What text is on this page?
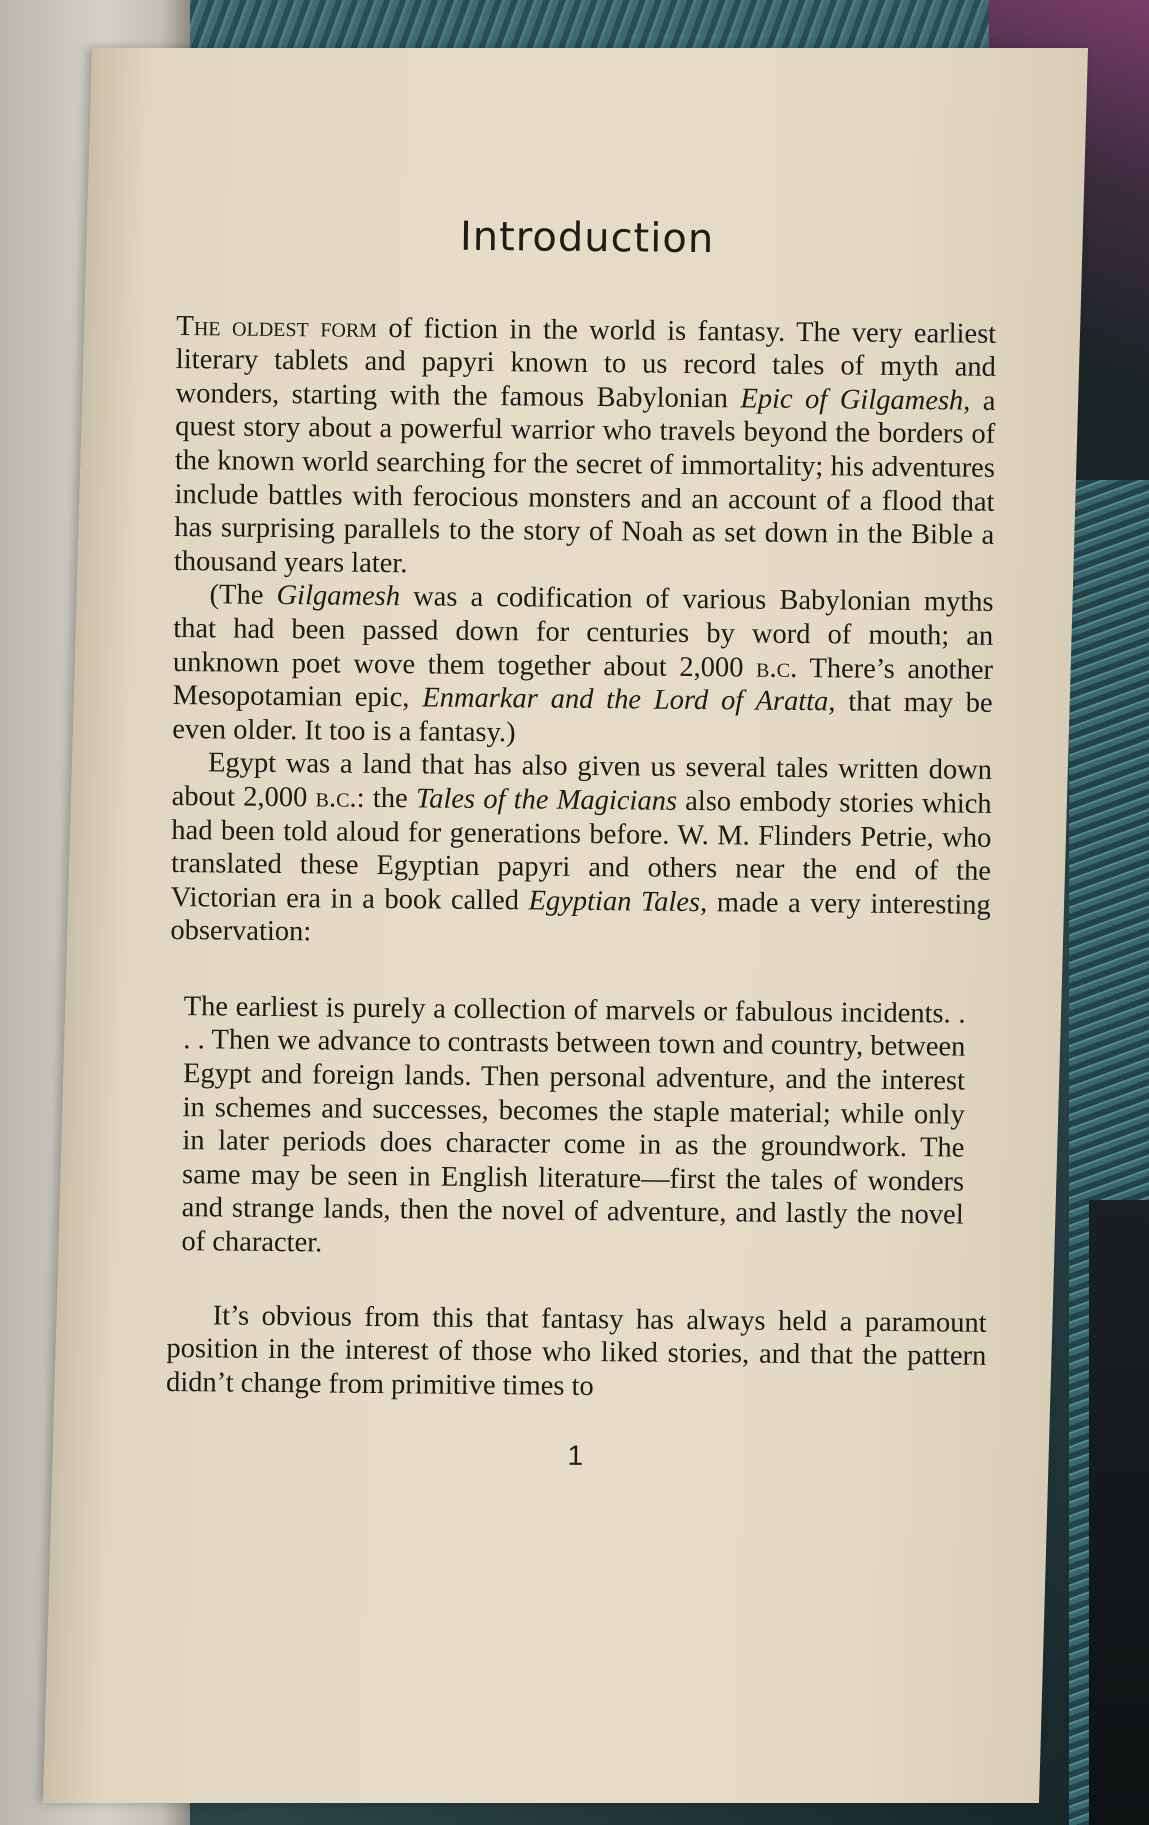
Introduction

The oldest form of fiction in the world is fantasy. The very earliest literary tablets and papyri known to us record tales of myth and wonders, starting with the famous Babylonian Epic of Gilgamesh, a quest story about a powerful warrior who travels beyond the borders of the known world searching for the secret of immortality; his adventures include battles with ferocious monsters and an account of a flood that has surprising parallels to the story of Noah as set down in the Bible a thousand years later.

(The Gilgamesh was a codification of various Babylonian myths that had been passed down for centuries by word of mouth; an unknown poet wove them together about 2,000 b.c. There’s another Mesopotamian epic, Enmarkar and the Lord of Aratta, that may be even older. It too is a fantasy.)

Egypt was a land that has also given us several tales written down about 2,000 b.c.: the Tales of the Magicians also embody stories which had been told aloud for generations before. W. M. Flinders Petrie, who translated these Egyptian papyri and others near the end of the Victorian era in a book called Egyptian Tales, made a very interesting observation:

The earliest is purely a collection of marvels or fabulous incidents. . . . Then we advance to contrasts between town and country, between Egypt and foreign lands. Then personal adventure, and the interest in schemes and successes, becomes the staple material; while only in later periods does character come in as the groundwork. The same may be seen in English literature—first the tales of wonders and strange lands, then the novel of adventure, and lastly the novel of character.

It’s obvious from this that fantasy has always held a paramount position in the interest of those who liked stories, and that the pattern didn’t change from primitive times to

1
